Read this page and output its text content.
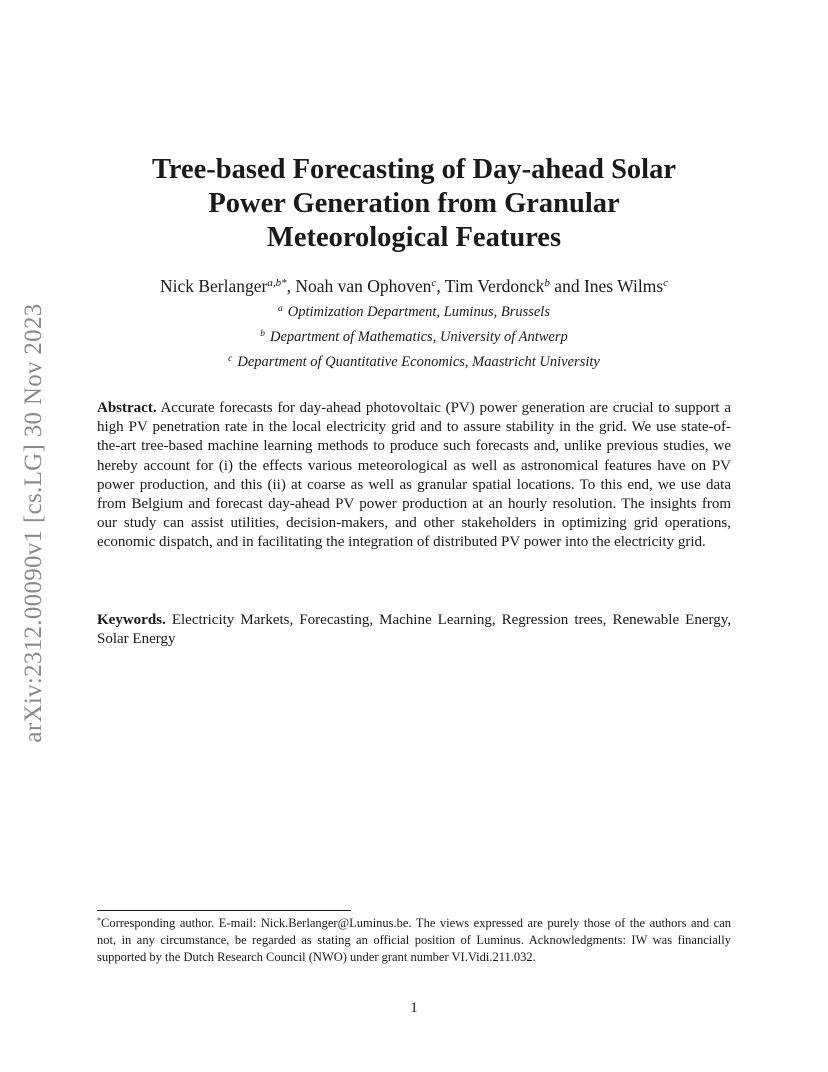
arXiv:2312.00090v1 [cs.LG] 30 Nov 2023
Tree-based Forecasting of Day-ahead Solar
Power Generation from Granular
Meteorological Features
Nick Berlanger$^{a,b*}$, Noah van Ophoven$^c$, Tim Verdonck$^b$ and Ines Wilms$^c$
$^a$ Optimization Department, Luminus, Brussels
$^b$ Department of Mathematics, University of Antwerp
$^c$ Department of Quantitative Economics, Maastricht University
Abstract. Accurate forecasts for day-ahead photovoltaic (PV) power generation are crucial to support a high PV penetration rate in the local electricity grid and to assure stability in the grid. We use state-of-the-art tree-based machine learning methods to produce such forecasts and, unlike previous studies, we hereby account for (i) the effects various meteorological as well as astronomical features have on PV power production, and this (ii) at coarse as well as granular spatial locations. To this end, we use data from Belgium and forecast day-ahead PV power production at an hourly resolution. The insights from our study can assist utilities, decision-makers, and other stakeholders in optimizing grid operations, economic dispatch, and in facilitating the integration of distributed PV power into the electricity grid.
Keywords. Electricity Markets, Forecasting, Machine Learning, Regression trees, Renewable Energy, Solar Energy
*Corresponding author. E-mail: Nick.Berlanger@Luminus.be. The views expressed are purely those of the authors and can not, in any circumstance, be regarded as stating an official position of Luminus. Acknowledgments: IW was financially supported by the Dutch Research Council (NWO) under grant number VI.Vidi.211.032.
1
